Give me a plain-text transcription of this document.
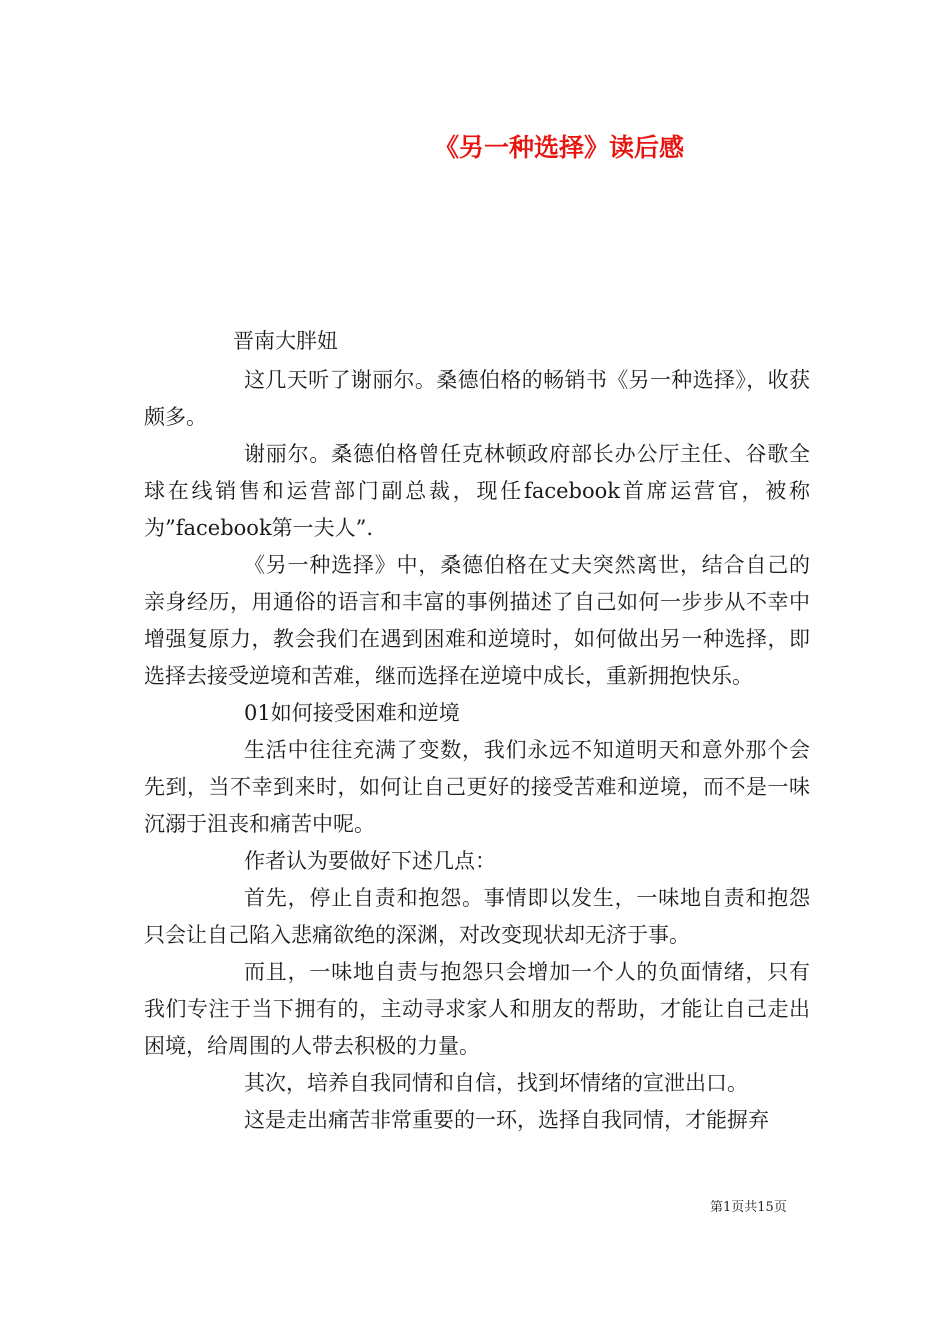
《另一种选择》读后感
晋南大胖妞

这几天听了谢丽尔。桑德伯格的畅销书《另一种选择》，收获颇多。

谢丽尔。桑德伯格曾任克林顿政府部长办公厅主任、谷歌全球在线销售和运营部门副总裁，现任facebook首席运营官，被称为”facebook第一夫人”.

《另一种选择》中，桑德伯格在丈夫突然离世，结合自己的亲身经历，用通俗的语言和丰富的事例描述了自己如何一步步从不幸中增强复原力，教会我们在遇到困难和逆境时，如何做出另一种选择，即选择去接受逆境和苦难，继而选择在逆境中成长，重新拥抱快乐。

01如何接受困难和逆境

生活中往往充满了变数，我们永远不知道明天和意外那个会先到，当不幸到来时，如何让自己更好的接受苦难和逆境，而不是一味沉溺于沮丧和痛苦中呢。

作者认为要做好下述几点：

首先，停止自责和抱怨。事情即以发生，一味地自责和抱怨只会让自己陷入悲痛欲绝的深渊，对改变现状却无济于事。

而且，一味地自责与抱怨只会增加一个人的负面情绪，只有我们专注于当下拥有的，主动寻求家人和朋友的帮助，才能让自己走出困境，给周围的人带去积极的力量。

其次，培养自我同情和自信，找到坏情绪的宣泄出口。

这是走出痛苦非常重要的一环，选择自我同情，才能摒弃

第1页共15页
